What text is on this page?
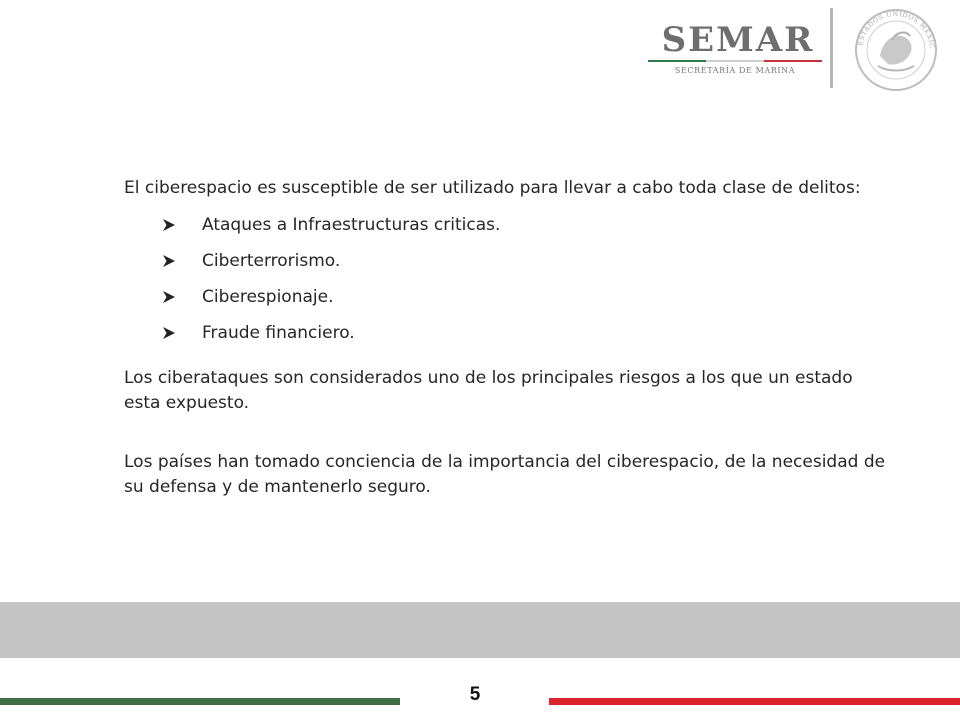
SEMAR
SECRETARÍA DE MARINA
ESTADOS UNIDOS MEXIC

El ciberespacio es susceptible de ser utilizado para llevar a cabo toda clase de delitos:

Ataques a Infraestructuras criticas.
Ciberterrorismo.
Ciberespionaje.
Fraude financiero.

Los ciberataques son considerados uno de los principales riesgos a los que un estado esta expuesto.

Los países han tomado conciencia de la importancia del ciberespacio, de la necesidad de su defensa y de mantenerlo seguro.

5
